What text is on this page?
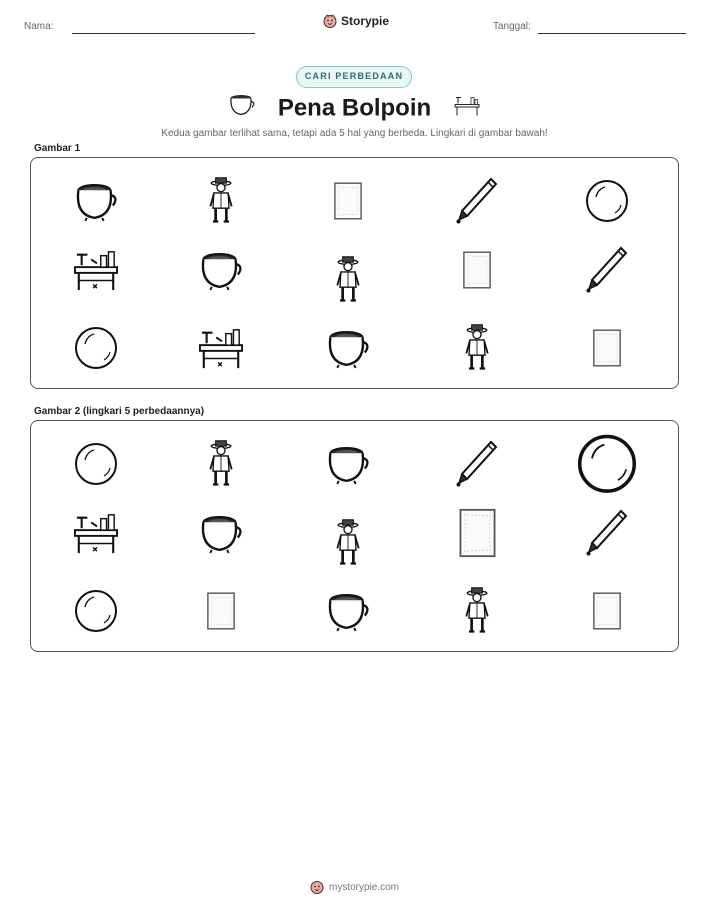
Nama:	Storypie	Tanggal:
CARI PERBEDAAN
Pena Bolpoin
Kedua gambar terlihat sama, tetapi ada 5 hal yang berbeda. Lingkari di gambar bawah!
Gambar 1
Gambar 2 (lingkari 5 perbedaannya)
mystorypie.com
